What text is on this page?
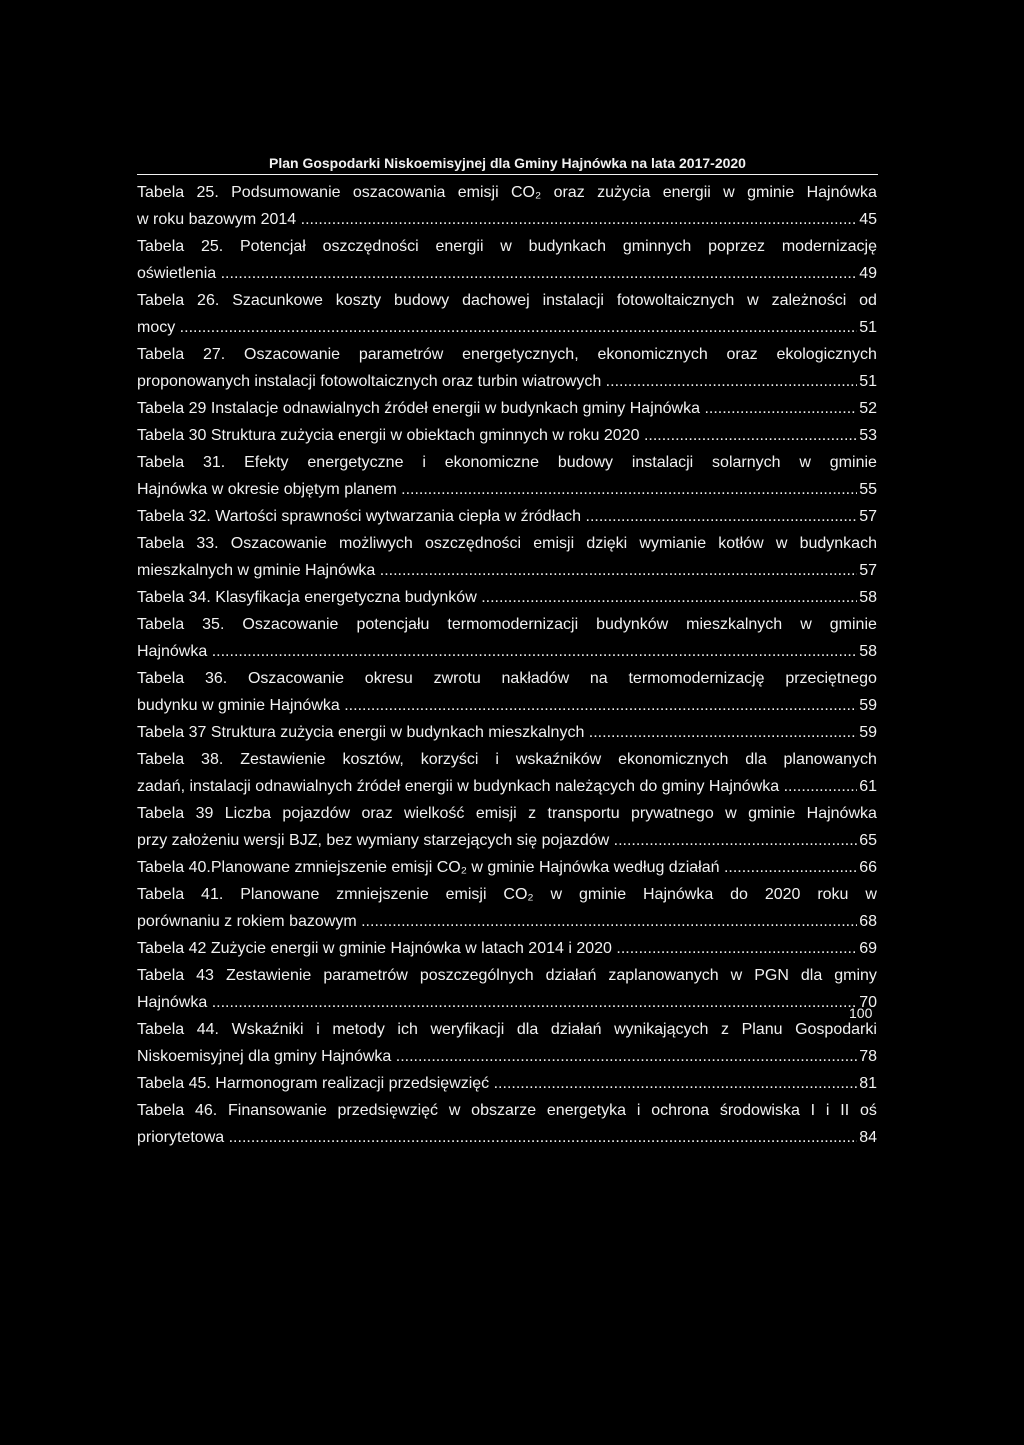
Plan Gospodarki Niskoemisyjnej dla Gminy Hajnówka na lata 2017-2020
Tabela 25. Podsumowanie oszacowania emisji CO₂ oraz zużycia energii w gminie Hajnówka
w roku bazowym 2014	45
.....
Tabela 25. Potencjał oszczędności energii w budynkach gminnych poprzez modernizację
oświetlenia	49
.....
Tabela 26. Szacunkowe koszty budowy dachowej instalacji fotowoltaicznych w zależności od
mocy	51
.....
Tabela 27. Oszacowanie parametrów energetycznych, ekonomicznych oraz ekologicznych
proponowanych instalacji fotowoltaicznych oraz turbin wiatrowych	51
.....
Tabela 29 Instalacje odnawialnych źródeł energii w budynkach gminy Hajnówka	52
.....
Tabela 30 Struktura zużycia energii w obiektach gminnych w roku 2020	53
.....
Tabela 31. Efekty energetyczne i ekonomiczne budowy instalacji solarnych w gminie
Hajnówka w okresie objętym planem	55
.....
Tabela 32. Wartości sprawności wytwarzania ciepła w źródłach	57
.....
Tabela 33. Oszacowanie możliwych oszczędności emisji dzięki wymianie kotłów w budynkach
mieszkalnych w gminie Hajnówka	57
.....
Tabela 34. Klasyfikacja energetyczna budynków	58
.....
Tabela 35. Oszacowanie potencjału termomodernizacji budynków mieszkalnych w gminie
Hajnówka	58
.....
Tabela 36. Oszacowanie okresu zwrotu nakładów na termomodernizację przeciętnego
budynku w gminie Hajnówka	59
.....
Tabela 37 Struktura zużycia energii w budynkach mieszkalnych	59
.....
Tabela 38. Zestawienie kosztów, korzyści i wskaźników ekonomicznych dla planowanych
zadań, instalacji odnawialnych źródeł energii w budynkach należących do gminy Hajnówka	61
.....
Tabela 39 Liczba pojazdów oraz wielkość emisji z transportu prywatnego w gminie Hajnówka
przy założeniu wersji BJZ, bez wymiany starzejących się pojazdów	65
.....
Tabela 40.Planowane zmniejszenie emisji CO₂ w gminie Hajnówka według działań	66
.....
Tabela 41. Planowane zmniejszenie emisji CO₂ w gminie Hajnówka do 2020 roku w
porównaniu z rokiem bazowym	68
.....
Tabela 42 Zużycie energii w gminie Hajnówka w latach 2014 i 2020	69
.....
Tabela 43 Zestawienie parametrów poszczególnych działań zaplanowanych w PGN dla gminy
Hajnówka	70
.....
Tabela 44. Wskaźniki i metody ich weryfikacji dla działań wynikających z Planu Gospodarki
Niskoemisyjnej dla gminy Hajnówka	78
.....
Tabela 45. Harmonogram realizacji przedsięwzięć	81
.....
Tabela 46. Finansowanie przedsięwzięć w obszarze energetyka i ochrona środowiska I i II oś
priorytetowa	84
.....
100
